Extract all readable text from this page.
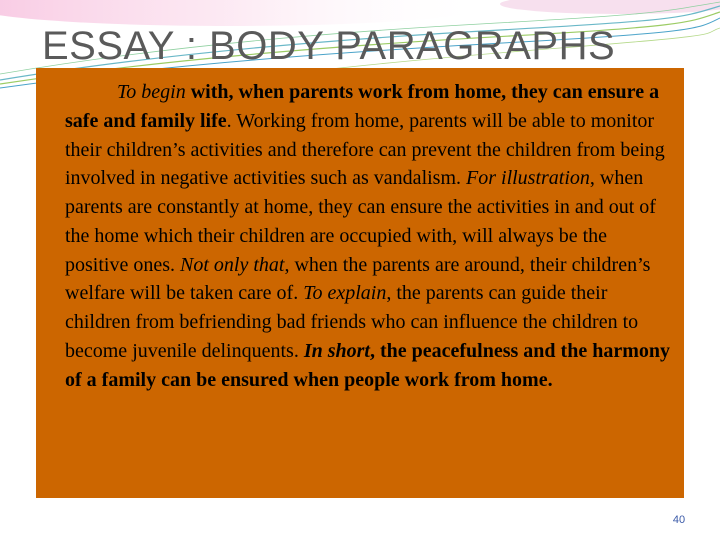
ESSAY : BODY PARAGRAPHS

To begin with, when parents work from home, they can ensure a safe and family life. Working from home, parents will be able to monitor their children’s activities and therefore can prevent the children from being involved in negative activities such as vandalism. For illustration, when parents are constantly at home, they can ensure the activities in and out of the home which their children are occupied with, will always be the positive ones. Not only that, when the parents are around, their children’s welfare will be taken care of. To explain, the parents can guide their children from befriending bad friends who can influence the children to become juvenile delinquents. In short, the peacefulness and the harmony of a family can be ensured when people work from home.

40
